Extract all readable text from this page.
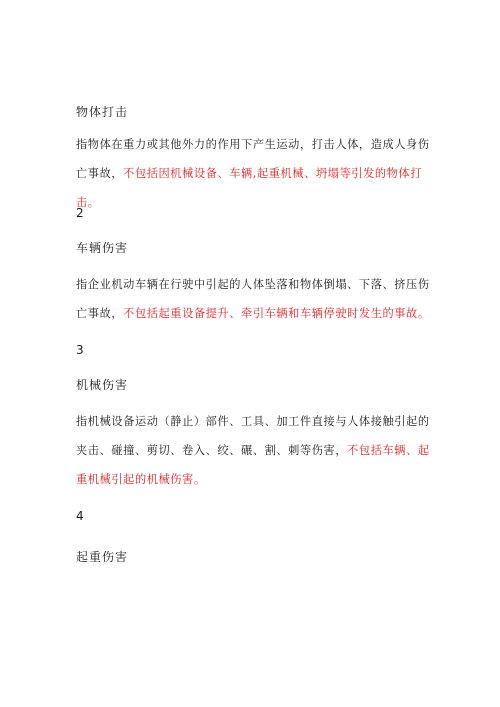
物体打击

指物体在重力或其他外力的作用下产生运动，打击人体，造成人身伤亡事故，不包括因机械设备、车辆,起重机械、坍塌等引发的物体打击。

2
车辆伤害

指企业机动车辆在行驶中引起的人体坠落和物体倒塌、下落、挤压伤亡事故，不包括起重设备提升、牵引车辆和车辆停驶时发生的事故。

3
机械伤害

指机械设备运动（静止）部件、工具、加工件直接与人体接触引起的夹击、碰撞、剪切、卷入、绞、碾、割、刺等伤害，不包括车辆、起重机械引起的机械伤害。

4
起重伤害
